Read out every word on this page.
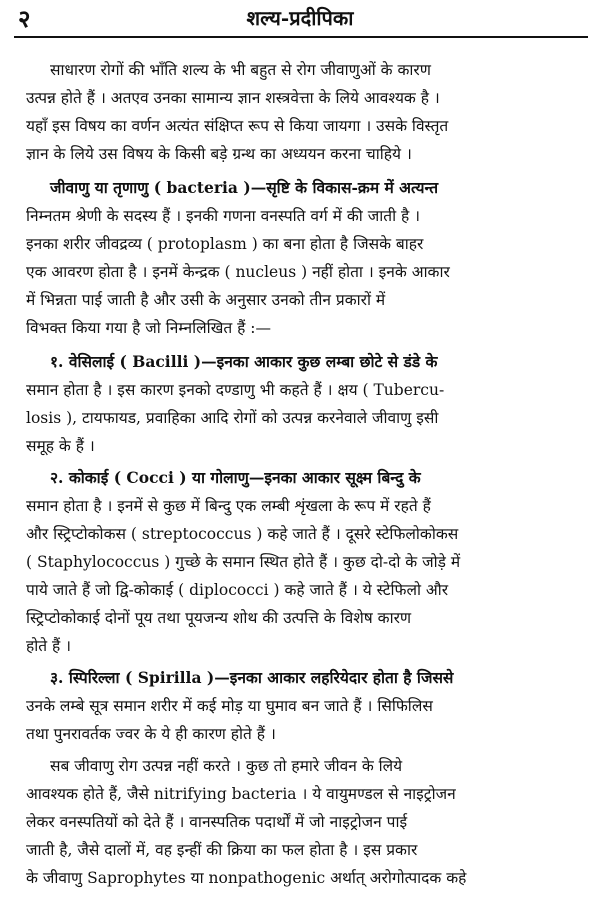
२	शल्य-प्रदीपिका
साधारण रोगों की भाँति शल्य के भी बहुत से रोग जीवाणुओं के कारण
उत्पन्न होते हैं । अतएव उनका सामान्य ज्ञान शस्त्रवेत्ता के लिये आवश्यक है ।
यहाँ इस विषय का वर्णन अत्यंत संक्षिप्त रूप से किया जायगा । उसके विस्तृत
ज्ञान के लिये उस विषय के किसी बड़े ग्रन्थ का अध्ययन करना चाहिये ।
जीवाणु या तृणाणु ( bacteria )—सृष्टि के विकास-क्रम में अत्यन्त
निम्नतम श्रेणी के सदस्य हैं । इनकी गणना वनस्पति वर्ग में की जाती है ।
इनका शरीर जीवद्रव्य ( protoplasm ) का बना होता है जिसके बाहर
एक आवरण होता है । इनमें केन्द्रक ( nucleus ) नहीं होता । इनके आकार
में भिन्नता पाई जाती है और उसी के अनुसार उनको तीन प्रकारों में
विभक्त किया गया है जो निम्नलिखित हैं :—
१. वेसिलाई ( Bacilli )—इनका आकार कुछ लम्बा छोटे से डंडे के
समान होता है । इस कारण इनको दण्डाणु भी कहते हैं । क्षय ( Tubercu-
losis ), टायफायड, प्रवाहिका आदि रोगों को उत्पन्न करनेवाले जीवाणु इसी
समूह के हैं ।
२. कोकाई ( Cocci ) या गोलाणु—इनका आकार सूक्ष्म बिन्दु के
समान होता है । इनमें से कुछ में बिन्दु एक लम्बी शृंखला के रूप में रहते हैं
और स्ट्रिप्टोकोकस ( streptococcus ) कहे जाते हैं । दूसरे स्टेफिलोकोकस
( Staphylococcus ) गुच्छे के समान स्थित होते हैं । कुछ दो-दो के जोड़े में
पाये जाते हैं जो द्वि-कोकाई ( diplococci ) कहे जाते हैं । ये स्टेफिलो और
स्ट्रिप्टोकोकाई दोनों पूय तथा पूयजन्य शोथ की उत्पत्ति के विशेष कारण
होते हैं ।
३. स्पिरिल्ला ( Spirilla )—इनका आकार लहरियेदार होता है जिससे
उनके लम्बे सूत्र समान शरीर में कई मोड़ या घुमाव बन जाते हैं । सिफिलिस
तथा पुनरावर्तक ज्वर के ये ही कारण होते हैं ।
सब जीवाणु रोग उत्पन्न नहीं करते । कुछ तो हमारे जीवन के लिये
आवश्यक होते हैं, जैसे nitrifying bacteria । ये वायुमण्डल से नाइट्रोजन
लेकर वनस्पतियों को देते हैं । वानस्पतिक पदार्थों में जो नाइट्रोजन पाई
जाती है, जैसे दालों में, वह इन्हीं की क्रिया का फल होता है । इस प्रकार
के जीवाणु Saprophytes या nonpathogenic अर्थात् अरोगोत्पादक कहे
